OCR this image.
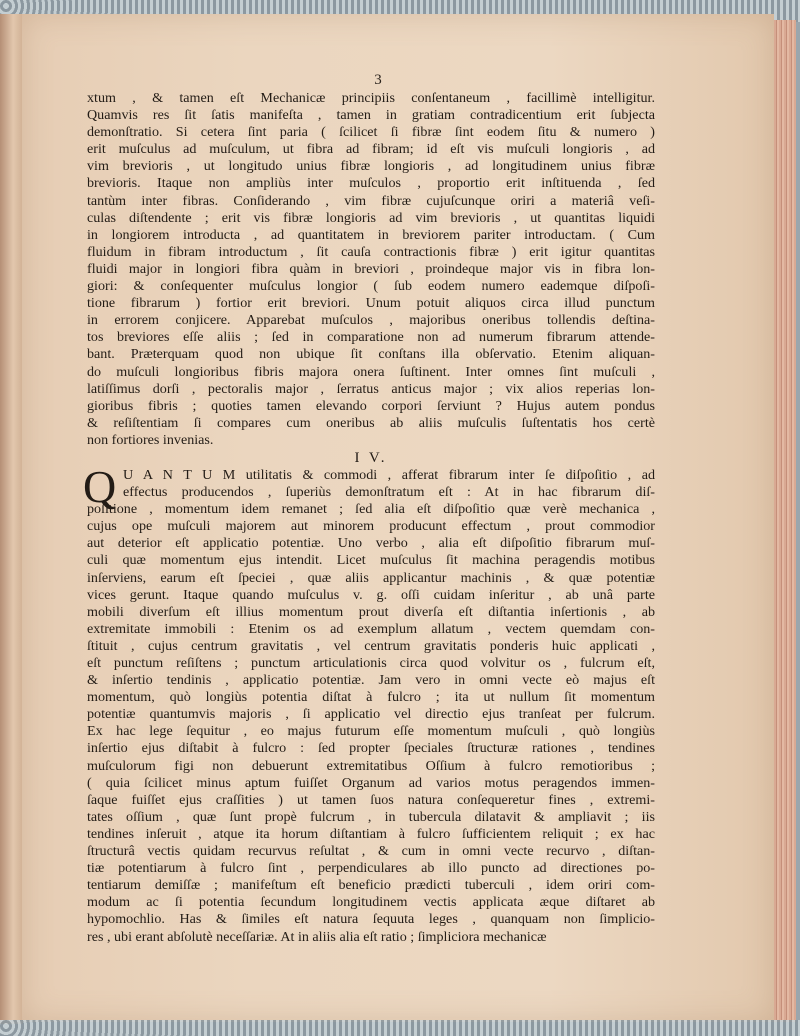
3
xtum , & tamen eſt Mechanicæ principiis conſentaneum , facillimè intelligitur.
Quamvis res ſit ſatis manifeſta , tamen in gratiam contradicentium erit ſubjecta
demonſtratio. Si cetera ſint paria ( ſcilicet ſi fibræ ſint eodem ſitu & numero )
erit muſculus ad muſculum, ut fibra ad fibram; id eſt vis muſculi longioris , ad
vim brevioris , ut longitudo unius fibræ longioris , ad longitudinem unius fibræ
brevioris. Itaque non ampliùs inter muſculos , proportio erit inſtituenda , ſed
tantùm inter fibras. Conſiderando , vim fibræ cujuſcunque oriri a materiâ veſi-
culas diſtendente ; erit vis fibræ longioris ad vim brevioris , ut quantitas liquidi
in longiorem introducta , ad quantitatem in breviorem pariter introductam. ( Cum
fluidum in fibram introductum , ſit cauſa contractionis fibræ ) erit igitur quantitas
fluidi major in longiori fibra quàm in breviori , proindeque major vis in fibra lon-
giori: & conſequenter muſculus longior ( ſub eodem numero eademque diſpoſi-
tione fibrarum ) fortior erit breviori. Unum potuit aliquos circa illud punctum
in errorem conjicere. Apparebat muſculos , majoribus oneribus tollendis deſtina-
tos breviores eſſe aliis ; ſed in comparatione non ad numerum fibrarum attende-
bant. Præterquam quod non ubique ſit conſtans illa obſervatio. Etenim aliquan-
do muſculi longioribus fibris majora onera ſuſtinent. Inter omnes ſint muſculi ,
latiſſimus dorſi , pectoralis major , ſerratus anticus major ; vix alios reperias lon-
gioribus fibris ; quoties tamen elevando corpori ſerviunt ? Hujus autem pondus
& reſiſtentiam ſi compares cum oneribus ab aliis muſculis ſuſtentatis hos certè
non fortiores invenias.
I V.
Q U A N T U M utilitatis & commodi , afferat fibrarum inter ſe diſpoſitio , ad
effectus producendos , ſuperiùs demonſtratum eſt : At in hac fibrarum diſ-
poſitione , momentum idem remanet ; ſed alia eſt diſpoſitio quæ verè mechanica ,
cujus ope muſculi majorem aut minorem producunt effectum , prout commodior
aut deterior eſt applicatio potentiæ. Uno verbo , alia eſt diſpoſitio fibrarum muſ-
culi quæ momentum ejus intendit. Licet muſculus ſit machina peragendis motibus
inſerviens, earum eſt ſpeciei , quæ aliis applicantur machinis , & quæ potentiæ
vices gerunt. Itaque quando muſculus v. g. oſſi cuidam inſeritur , ab unâ parte
mobili diverſum eſt illius momentum prout diverſa eſt diſtantia inſertionis , ab
extremitate immobili : Etenim os ad exemplum allatum , vectem quemdam con-
ſtituit , cujus centrum gravitatis , vel centrum gravitatis ponderis huic applicati ,
eſt punctum reſiſtens ; punctum articulationis circa quod volvitur os , fulcrum eſt,
& inſertio tendinis , applicatio potentiæ. Jam vero in omni vecte eò majus eſt
momentum, quò longiùs potentia diſtat à fulcro ; ita ut nullum ſit momentum
potentiæ quantumvis majoris , ſi applicatio vel directio ejus tranſeat per fulcrum.
Ex hac lege ſequitur , eo majus futurum eſſe momentum muſculi , quò longiùs
inſertio ejus diſtabit à fulcro : ſed propter ſpeciales ſtructuræ rationes , tendines
muſculorum figi non debuerunt extremitatibus Oſſium à fulcro remotioribus ;
( quia ſcilicet minus aptum fuiſſet Organum ad varios motus peragendos immen-
ſaque fuiſſet ejus craſſities ) ut tamen ſuos natura conſequeretur fines , extremi-
tates oſſium , quæ ſunt propè fulcrum , in tubercula dilatavit & ampliavit ; iis
tendines inſeruit , atque ita horum diſtantiam à fulcro ſufficientem reliquit ; ex hac
ſtructurâ vectis quidam recurvus reſultat , & cum in omni vecte recurvo , diſtan-
tiæ potentiarum à fulcro ſint , perpendiculares ab illo puncto ad directiones po-
tentiarum demiſſæ ; manifeſtum eſt beneficio prædicti tuberculi , idem oriri com-
modum ac ſi potentia ſecundum longitudinem vectis applicata æque diſtaret ab
hypomochlio. Has & ſimiles eſt natura ſequuta leges , quanquam non ſimplicio-
res , ubi erant abſolutè neceſſariæ. At in aliis alia eſt ratio ; ſimpliciora mechanicæ
